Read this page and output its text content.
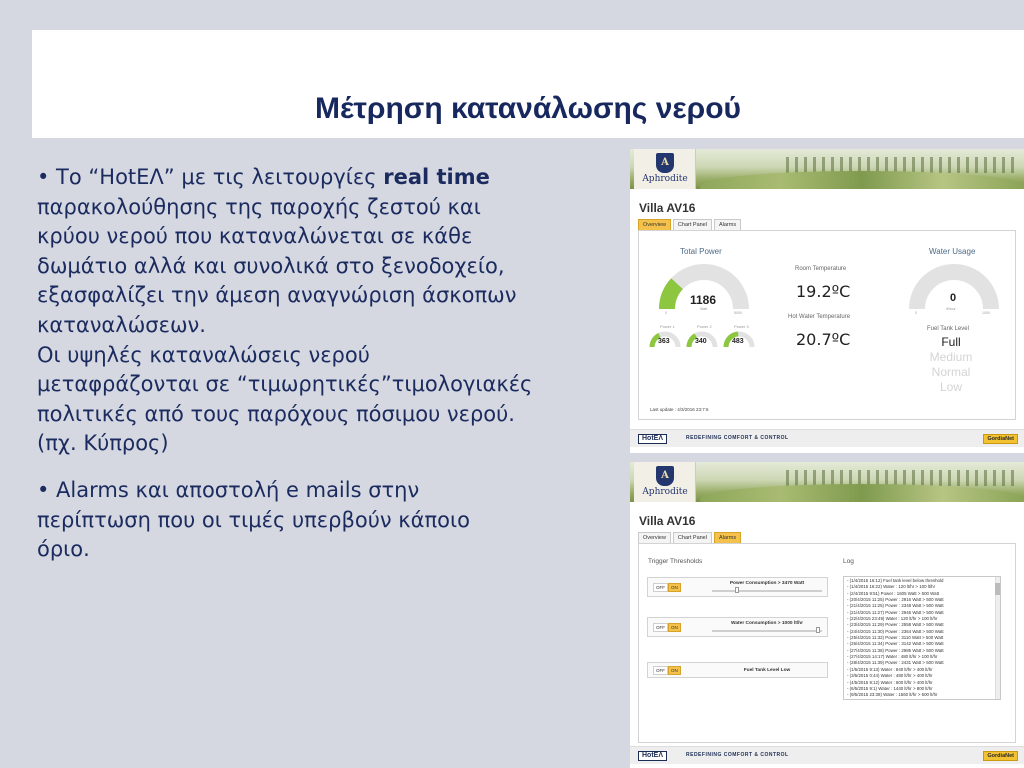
Μέτρηση κατανάλωσης νερού
• Το “HotΕΛ” με τις λειτουργίες real time
παρακολούθησης της παροχής ζεστού και
κρύου νερού που καταναλώνεται σε κάθε
δωμάτιο αλλά και συνολικά στο ξενοδοχείο,
εξασφαλίζει την άμεση αναγνώριση άσκοπων
καταναλώσεων.
Οι υψηλές καταναλώσεις νερού
μεταφράζονται σε “τιμωρητικές”τιμολογιακές
πολιτικές από τους παρόχους πόσιμου νερού.
(πχ. Κύπρος)
• Alarms και αποστολή e mails στην
περίπτωση που οι τιμές υπερβούν κάποιο
όριο.
A
Aphrodite
Villa AV16
Overview	Chart Panel	Alarms
Total Power
1186
Watt
0	5000
Power 1
363
Power 2
340
Power 3
483
Room Temperature
19.2ºC
Hot Water Temperature
20.7ºC
Water Usage
0
lt/hour
0	1000
Fuel Tank Level
Full
Medium
Normal
Low
Last update : 4/3/2016 23:7:6
HotΕΛ	REDEFINING COMFORT & CONTROL	GordiaNet
A
Aphrodite
Villa AV16
Overview	Chart Panel	Alarms
Trigger Thresholds	Log
OFF	ON
Power Consumption > 3470 Watt
OFF	ON
Water Consumption > 1000 lt/hr
OFF	ON	Fuel Tank Level Low
- (1/4/2015 16:12) Fuel tank level below threshold
- (1/4/2015 16:22) Water : 120 lt/hr > 100 lt/hr
- (2/4/2015 9:51) Power : 1605 Watt > 500 Watt
- (20/4/2015 11:25) Power : 2916 Watt > 500 Watt
- (21/4/2015 11:25) Power : 2348 Watt > 500 Watt
- (21/4/2015 11:27) Power : 2946 Watt > 500 Watt
- (22/4/2015 23:49) Water : 120 lt/hr > 100 lt/hr
- (23/4/2015 11:29) Power : 2558 Watt > 500 Watt
- (24/4/2015 11:30) Power : 2364 Watt > 500 Watt
- (25/4/2015 11:32) Power : 3110 Watt > 500 Watt
- (26/4/2015 11:34) Power : 3142 Watt > 500 Watt
- (27/4/2015 11:38) Power : 2985 Watt > 500 Watt
- (27/4/2015 14:17) Water : 480 lt/hr > 100 lt/hr
- (28/4/2015 11:39) Power : 2431 Watt > 500 Watt
- (1/5/2015 9:13) Water : 840 lt/hr > 400 lt/hr
- (3/5/2015 0:44) Water : 480 lt/hr > 400 lt/hr
- (4/5/2015 9:12) Water : 600 lt/hr > 400 lt/hr
- (6/5/2015 9:1) Water : 1440 lt/hr > 800 lt/hr
- (9/5/2015 23:38) Water : 1560 lt/hr > 600 lt/hr
HotΕΛ	REDEFINING COMFORT & CONTROL	GordiaNet
